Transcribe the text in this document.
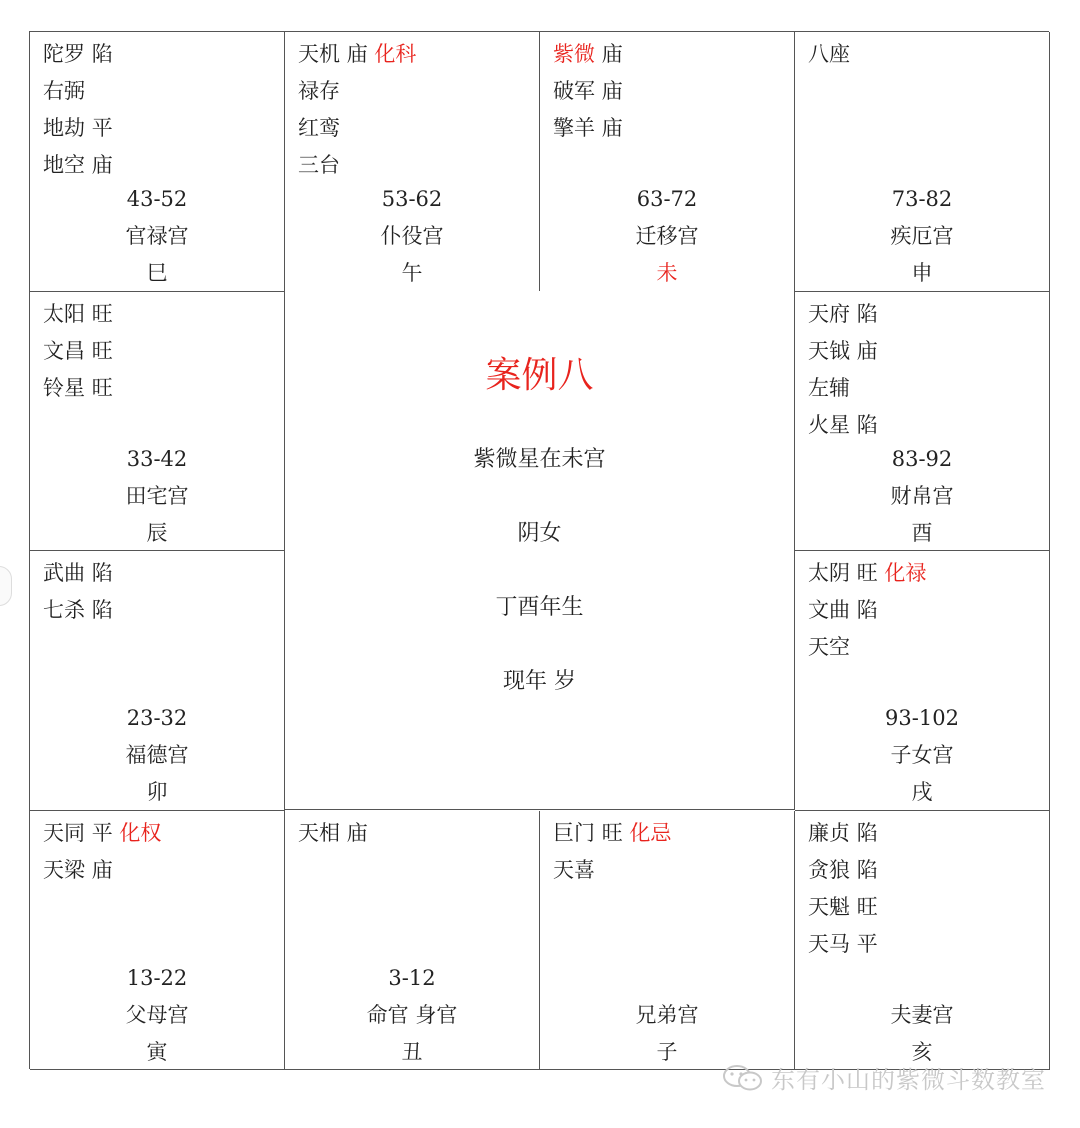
陀罗 陷
右弼
地劫 平
地空 庙
43-52
官禄宫
巳
天机 庙 化科
禄存
红鸾
三台
53-62
仆役宫
午
紫微 庙
破军 庙
擎羊 庙
63-72
迁移宫
未
八座
73-82
疾厄宫
申
太阳 旺
文昌 旺
铃星 旺
33-42
田宅宫
辰
天府 陷
天钺 庙
左辅
火星 陷
83-92
财帛宫
酉
武曲 陷
七杀 陷
23-32
福德宫
卯
太阴 旺 化禄
文曲 陷
天空
93-102
子女宫
戌
天同 平 化权
天梁 庙
13-22
父母宫
寅
天相 庙
3-12
命官 身官
丑
巨门 旺 化忌
天喜
兄弟宫
子
廉贞 陷
贪狼 陷
天魁 旺
天马 平
夫妻宫
亥
案例八
紫微星在未宫
阴女
丁酉年生
现年 岁
东有小山的紫微斗数教室
